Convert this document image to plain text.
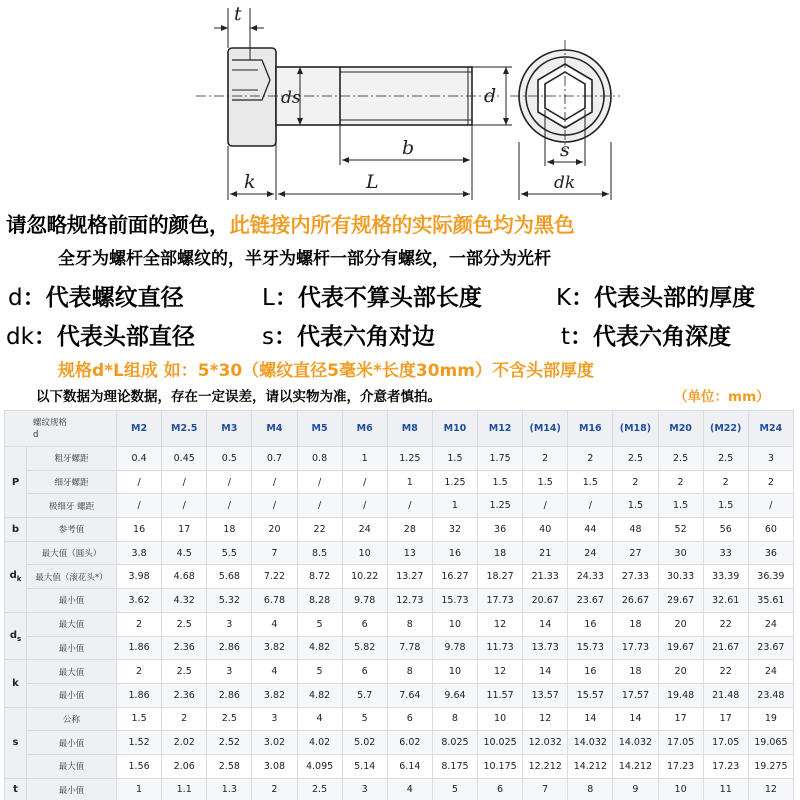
t
ds	d
b
k	L
s
dk
请忽略规格前面的颜色，此链接内所有规格的实际颜色均为黑色
全牙为螺杆全部螺纹的，半牙为螺杆一部分有螺纹，一部分为光杆
d：代表螺纹直径	L：代表不算头部长度	K：代表头部的厚度
dk：代表头部直径	s：代表六角对边	t：代表六角深度
规格d*L组成 如：5*30（螺纹直径5毫米*长度30mm）不含头部厚度
以下数据为理论数据，存在一定误差，请以实物为准，介意者慎拍。	（单位：mm）
螺纹规格
d		M2	M2.5	M3	M4	M5	M6	M8	M10	M12	(M14)	M16	(M18)	M20	(M22)	M24
P	粗牙螺距	0.4	0.45	0.5	0.7	0.8	1	1.25	1.5	1.75	2	2	2.5	2.5	2.5	3
	细牙螺距	/	/	/	/	/	/	1	1.25	1.5	1.5	1.5	2	2	2	2
	极细牙 螺距	/	/	/	/	/	/	/	1	1.25	/	/	1.5	1.5	1.5	/
b	参考值	16	17	18	20	22	24	28	32	36	40	44	48	52	56	60
$d_k$	最大值（圆头）	3.8	4.5	5.5	7	8.5	10	13	16	18	21	24	27	30	33	36
	最大值（滚花头*）	3.98	4.68	5.68	7.22	8.72	10.22	13.27	16.27	18.27	21.33	24.33	27.33	30.33	33.39	36.39
	最小值	3.62	4.32	5.32	6.78	8.28	9.78	12.73	15.73	17.73	20.67	23.67	26.67	29.67	32.61	35.61
$d_s$	最大值	2	2.5	3	4	5	6	8	10	12	14	16	18	20	22	24
	最小值	1.86	2.36	2.86	3.82	4.82	5.82	7.78	9.78	11.73	13.73	15.73	17.73	19.67	21.67	23.67
k	最大值	2	2.5	3	4	5	6	8	10	12	14	16	18	20	22	24
	最小值	1.86	2.36	2.86	3.82	4.82	5.7	7.64	9.64	11.57	13.57	15.57	17.57	19.48	21.48	23.48
s	公称	1.5	2	2.5	3	4	5	6	8	10	12	14	14	17	17	19
	最小值	1.52	2.02	2.52	3.02	4.02	5.02	6.02	8.025	10.025	12.032	14.032	14.032	17.05	17.05	19.065
	最大值	1.56	2.06	2.58	3.08	4.095	5.14	6.14	8.175	10.175	12.212	14.212	14.212	17.23	17.23	19.275
t	最小值	1	1.1	1.3	2	2.5	3	4	5	6	7	8	9	10	11	12
